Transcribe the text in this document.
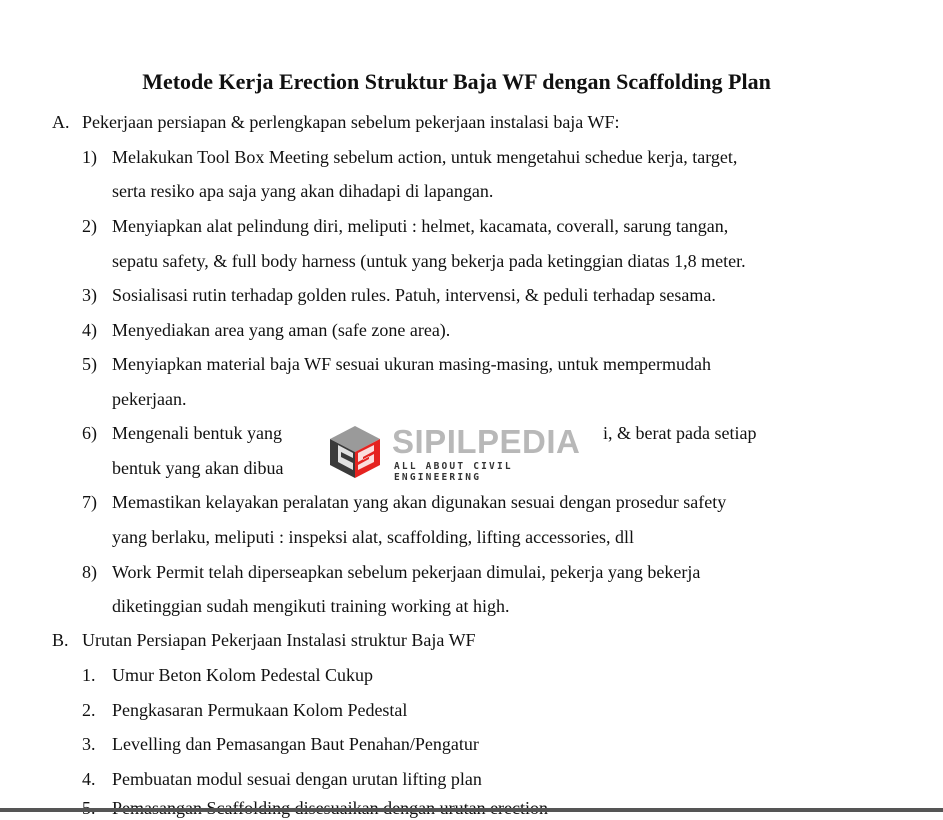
Metode Kerja Erection Struktur Baja WF dengan Scaffolding Plan
A. Pekerjaan persiapan & perlengkapan sebelum pekerjaan instalasi baja WF:
1) Melakukan Tool Box Meeting sebelum action, untuk mengetahui schedue kerja, target,
serta resiko apa saja yang akan dihadapi di lapangan.
2) Menyiapkan alat pelindung diri, meliputi : helmet, kacamata, coverall, sarung tangan,
sepatu safety, & full body harness (untuk yang bekerja pada ketinggian diatas 1,8 meter.
3) Sosialisasi rutin terhadap golden rules. Patuh, intervensi, & peduli terhadap sesama.
4) Menyediakan area yang aman (safe zone area).
5) Menyiapkan material baja WF sesuai ukuran masing-masing, untuk mempermudah
pekerjaan.
6) Mengenali bentuk yang	i, & berat pada setiap
bentuk yang akan dibua
7) Memastikan kelayakan peralatan yang akan digunakan sesuai dengan prosedur safety
yang berlaku, meliputi : inspeksi alat, scaffolding, lifting accessories, dll
8) Work Permit telah diperseapkan sebelum pekerjaan dimulai, pekerja yang bekerja
diketinggian sudah mengikuti training working at high.
B. Urutan Persiapan Pekerjaan Instalasi struktur Baja WF
1. Umur Beton Kolom Pedestal Cukup
2. Pengkasaran Permukaan Kolom Pedestal
3. Levelling dan Pemasangan Baut Penahan/Pengatur
4. Pembuatan modul sesuai dengan urutan lifting plan
SIPILPEDIA
ALL ABOUT CIVIL ENGINEERING
